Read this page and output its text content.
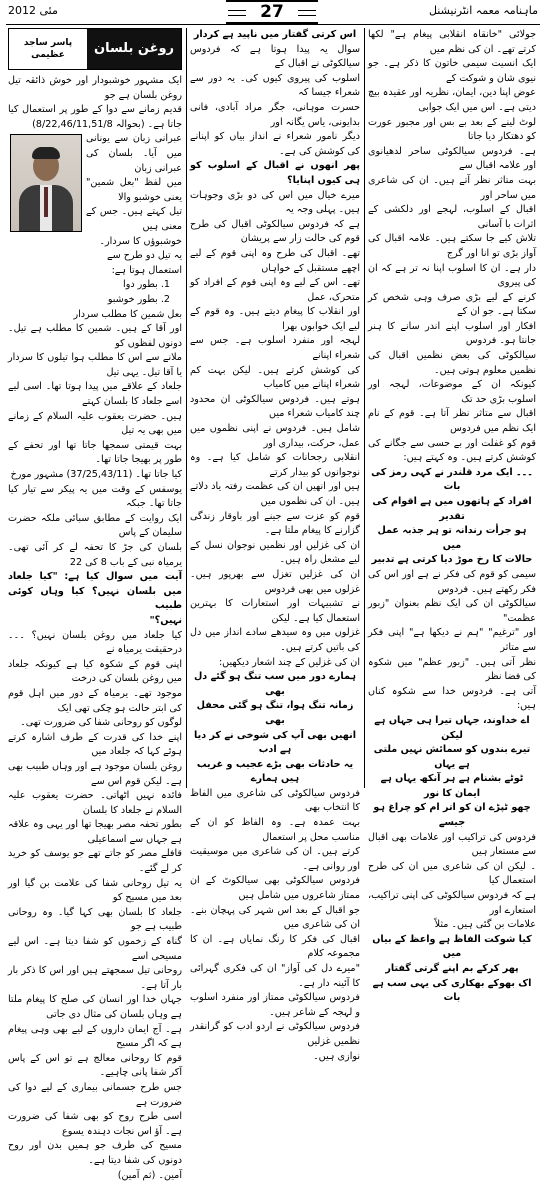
مئی 2012	27	ماہنامہ معمہ انٹرنیشنل

جولائی "خانقاہ انقلابی پیغام ہے" لکھا کرتے تھے۔ ان کی نظم میں

ایک انسیت سیمی خاتون کا ذکر ہے۔ جو نیوی شان و شوکت کے

عوض اپنا دین، ایمان، نظریہ اور عقیدہ بیچ دیتی ہے۔ اس میں ایک جوابی

لوٹ لینے کے بعد بے بس اور مجبور عورت کو دھتکار دیا جاتا

ہے۔ فردوس سیالکوٹی ساحر لدھیانوی اور علامہ اقبال سے

بہت متاثر نظر آتے ہیں۔ ان کی شاعری میں ساحر اور

اقبال کے اسلوب، لہجے اور دلکشی کے اثرات با آسانی

تلاش کیے جا سکتے ہیں۔ علامہ اقبال کی آواز بڑی تو انا اور گرج

دار ہے۔ ان کا اسلوب اپنا نہ تر ہے کہ ان کی پیروی

کرنے کے لیے بڑی صرف وہی شخص کر سکتا ہے۔ جو ان کے

افکار اور اسلوب اپنے اندر سانے کا ہنر جانتا ہو۔ فردوس

سیالکوٹی کی بعض نظمیں اقبال کی نظمیں معلوم ہوتی ہیں۔

کیونکہ ان کے موضوعات، لہجہ اور اسلوب بڑی حد تک

اقبال سے متاثر نظر آتا ہے۔ قوم کے نام ایک نظم میں فردوس

قوم کو غفلت اور بے حسی سے جگانے کی کوشش کرتے ہیں۔ وہ کہتے ہیں:

۔۔۔ ایک مرد قلندر نے کہی رمز کی بات

افراد کے ہاتھوں میں ہے اقوام کی تقدیر

ہو جرأت رندانہ تو ہر جذبہ عمل میں

حالات کا رخ موڑ دیا کرتی ہے تدبیر

سیمی کو قوم کی فکر نے ہے اور اس کی فکر رکھتے ہیں۔ فردوس

سیالکوٹی ان کی ایک نظم بعنوان "زبور عظمت"

اور "ترغیم" "ہم نے دیکھا ہے" اپنی فکر سے متاثر

نظر آتی ہیں۔ "زبور عظم" میں شکوہ کی فضا نظر

آتی ہے۔ فردوس خدا سے شکوہ کناں ہیں:

اے خداوند، جہاں تیرا ہی جہاں ہے لیکن

تیرے بندوں کو سمائش نہیں ملتی ہے یہاں

ٹوٹے بشنام ہے ہر آنکھ یہاں ہے ایمان کا نور

چھو ٹپڑے ان کو اتر ام کو چراغ ہو جیسے

فردوس کی تراکیب اور علامات بھی اقبال سے مستعار ہیں

۔ لیکن ان کی شاعری میں ان کی طرح استعمال کیا

ہے کہ فردوس سیالکوٹی کی اپنی تراکیب، استعارے اور

علامات بن گئی ہیں۔ مثلاً

کیا شوکت الفاظ ہے واعظ کے بیاں میں

پھر کرکے بم اپنے گرتی گفتار

اک بھوکے بھکاری کی یہی سب ہے بات

اس کرتی گفتار میں ناپید ہے کردار

سوال یہ پیدا ہوتا ہے کہ فردوس سیالکوٹی نے اقبال کے

اسلوب کی پیروی کیوں کی۔ یہ دور سے شعراء جیسا کہ

حسرت موہانی، جگر مراد آبادی، فانی بدایونی، یاس یگانہ اور

دیگر نامور شعراء نے انداز بیاں کو اپنانے کی کوشش کی ہے۔

پھر انھوں نے اقبال کے اسلوب کو ہی کیوں اپنایا؟

میرے خیال میں اس کی دو بڑی وجوہات ہیں۔ پہلی وجہ یہ

ہے کہ فردوس سیالکوٹی اقبال کی طرح قوم کی حالت زار سے پریشان

تھے۔ اقبال کی طرح وہ اپنی قوم کے لیے اچھے مستقبل کے خواہاں

تھے۔ اس کے لیے وہ اپنی قوم کے افراد کو متحرک، عمل

اور انقلاب کا پیغام دیتے ہیں۔ وہ قوم کے لیے ایک خوابوں بھرا

لہجہ اور منفرد اسلوب ہے۔ جس سے شعراء اپنانے

کی کوشش کرتے ہیں۔ لیکن بہت کم شعراء اپنانے میں کامیاب

ہوتے ہیں۔ فردوس سیالکوٹی ان محدود چند کامیاب شعراء میں

شامل ہیں۔ فردوس نے اپنی نظموں میں عمل، حرکت، بیداری اور

انقلابی رجحانات کو شامل کیا ہے۔ وہ نوجوانوں کو بیدار کرتے

ہیں اور انھیں ان کی عظمت رفتہ یاد دلاتے ہیں۔ ان کی نظموں میں

قوم کو عزت سے جینے اور باوقار زندگی گزارنے کا پیغام ملتا ہے۔

ان کی غزلیں اور نظمیں نوجوان نسل کے لیے مشعل راہ ہیں۔

ان کی غزلیں تغزل سے بھرپور ہیں۔ غزلوں میں بھی فردوس

نے تشبیہات اور استعارات کا بہترین استعمال کیا ہے۔ لیکن

غزلوں میں وہ سیدھے سادے انداز میں دل کی باتیں کرتے ہیں۔

ان کی غزلیں کے چند اشعار دیکھیں:

ہمارے دور میں سب تنگ ہو گئے دل بھی

زمانہ تنگ ہوا، تنگ ہو گئی محفل بھی

انھیں بھی آپ کی شوخی نے کر دیا ہے ادب

یہ حادثات بھی بڑے عجیب و غریب ہیں ہمارے

فردوس سیالکوٹی کی شاعری میں الفاظ کا انتخاب بھی

بہت عمدہ ہے۔ وہ الفاظ کو ان کے مناسب محل پر استعمال

کرتے ہیں۔ ان کی شاعری میں موسیقیت اور روانی ہے۔

فردوس سیالکوٹی بھی سیالکوٹ کے ان ممتاز شاعروں میں شامل ہیں

جو اقبال کے بعد اس شہر کی پہچان بنے۔ ان کی شاعری میں

اقبال کی فکر کا رنگ نمایاں ہے۔ ان کا مجموعہ کلام

"میرے دل کی آواز" ان کی فکری گہرائی کا آئینہ دار ہے۔

فردوس سیالکوٹی ممتاز اور منفرد اسلوب و لہجہ کے شاعر ہیں۔

فردوس سیالکوٹی نے اردو ادب کو گرانقدر نظمیں غزلیں

نوازی ہیں۔

روغن بلسان
پاسر ساجد عظیمی

ایک مشہور خوشبودار اور خوش ذائقہ تیل روغن بلسان ہے جو

قدیم زمانے سے دوا کے طور پر استعمال کیا جاتا ہے۔ (بحوالہ 8/22,46/11,51/8)

عبرانی زبان سے یونانی میں آیا۔ بلسان کی عبرانی زبان

میں لفظ "بعل شمین" یعنی خوشبو والا

تیل کہتے ہیں۔ جس کے معنی ہیں

خوشبوؤں کا سردار۔

یہ تیل دو طرح سے

استعمال ہوتا ہے:

1. بطور دوا

2. بطور خوشبو

بعل شمین کا مطلب سردار

اور آقا کے ہیں۔ شمین کا مطلب ہے تیل۔ دونوں لفظوں کو

ملانے سے اس کا مطلب ہوا تیلوں کا سردار یا آقا تیل۔ یہی تیل

جلعاد کے علاقے میں پیدا ہوتا تھا۔ اسی لیے اسے جلعاد کا بلسان کہتے

ہیں۔ حضرت یعقوب علیہ السلام کے زمانے میں بھی یہ تیل

بہت قیمتی سمجھا جاتا تھا اور تحفے کے طور پر بھیجا جاتا تھا۔

کیا جاتا تھا۔ (37/25,43/11) مشہور مورخ

یوسفس کے وقت میں یہ پیکر سے تیار کیا جاتا تھا۔ جبکہ

ایک روایت کے مطابق سبائی ملکہ حضرت سلیمان کے پاس

بلسان کی جڑ کا تحفہ لے کر آئی تھی۔ یرمیاہ نبی کے باب 8 کی 22

آیت میں سوال کیا ہے: "کیا جلعاد میں بلسان نہیں؟ کیا وہاں کوئی طبیب

نہیں؟"

کیا جلعاد میں روغن بلسان نہیں؟ ۔۔۔ درحقیقت یرمیاہ نے

اپنی قوم کے شکوہ کیا ہے کیونکہ جلعاد میں روغن بلسان کی درخت

موجود تھے۔ یرمیاہ کے دور میں اہل قوم کی ابتر حالت ہو چکی تھی ایک

لوگوں کو روحانی شفا کی ضرورت تھی۔

اپنے خدا کی قدرت کے طرف اشارہ کرتے ہوئے کہا کہ جلعاد میں

روغن بلسان موجود ہے اور وہاں طبیب بھی ہے۔ لیکن قوم اس سے

فائدہ نہیں اٹھاتی۔ حضرت یعقوب علیہ السلام نے جلعاد کا بلسان

بطور تحفہ مصر بھیجا تھا اور یہی وہ علاقہ ہے جہاں سے اسماعیلی

قافلے مصر کو جاتے تھے جو یوسف کو خرید کر لے گئے۔

یہ تیل روحانی شفا کی علامت بن گیا اور بعد میں مسیح کو

جلعاد کا بلسان بھی کہا گیا۔ وہ روحانی طبیب ہے جو

گناہ کے زخموں کو شفا دیتا ہے۔ اس لیے مسیحی اسے

روحانی تیل سمجھتے ہیں اور اس کا ذکر بار بار آتا ہے۔

جہاں خدا اور انسان کی صلح کا پیغام ملتا ہے وہاں بلسان کی مثال دی جاتی

ہے۔ آج ایمان داروں کے لیے بھی وہی پیغام ہے کہ اگر مسیح

قوم کا روحانی معالج ہے تو اس کے پاس آکر شفا پانی چاہیے۔

جس طرح جسمانی بیماری کے لیے دوا کی ضرورت ہے

اسی طرح روح کو بھی شفا کی ضرورت ہے۔ آؤ اس نجات دہندہ یسوع

مسیح کی طرف جو ہمیں بدن اور روح دونوں کی شفا دیتا ہے۔

آمین۔ (ثم آمین)
